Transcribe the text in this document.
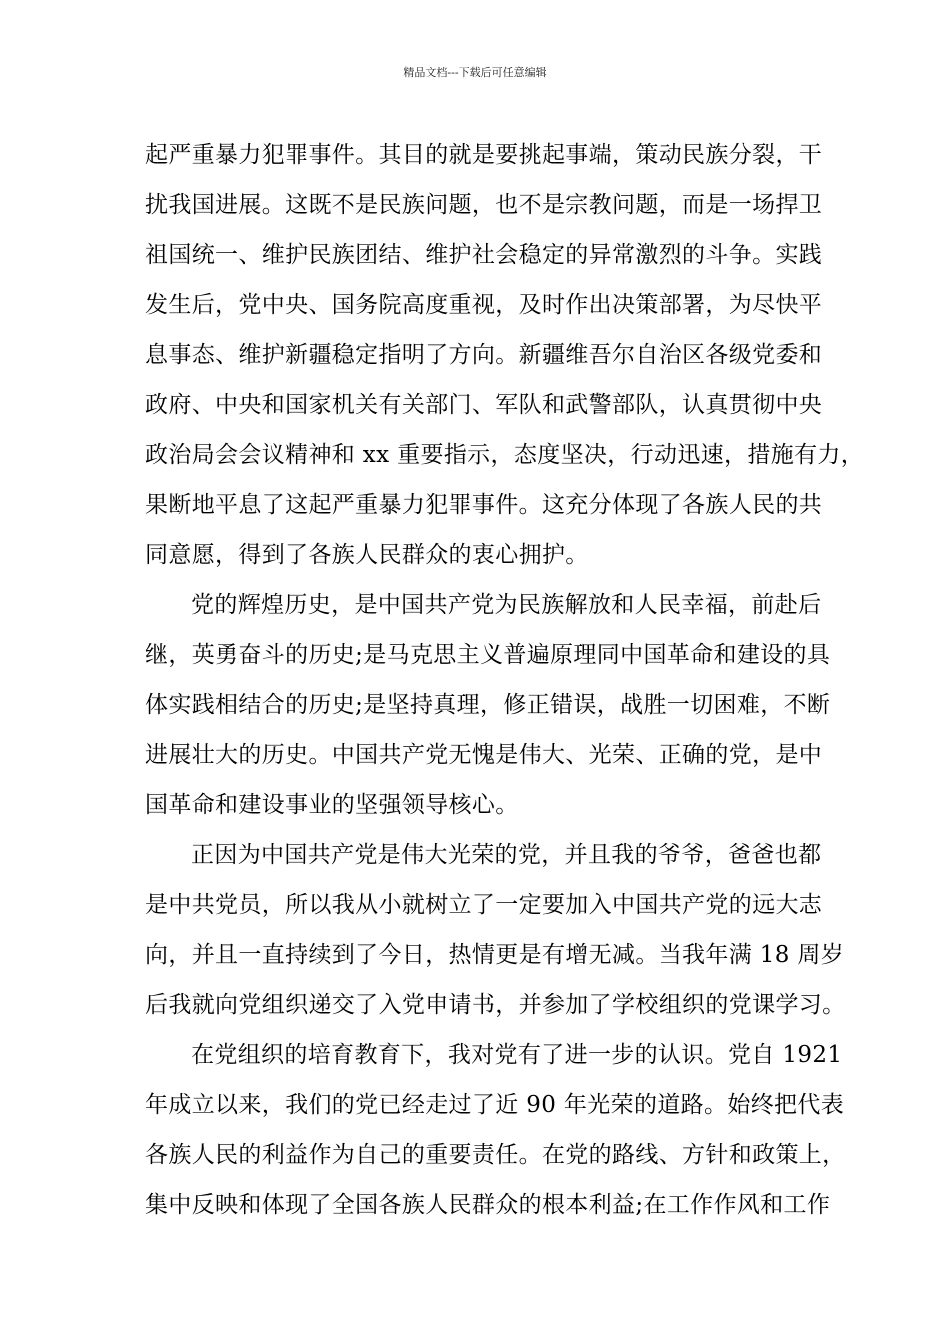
精品文档---下载后可任意编辑
起严重暴力犯罪事件。其目的就是要挑起事端，策动民族分裂，干
扰我国进展。这既不是民族问题，也不是宗教问题，而是一场捍卫
祖国统一、维护民族团结、维护社会稳定的异常激烈的斗争。实践
发生后，党中央、国务院高度重视，及时作出决策部署，为尽快平
息事态、维护新疆稳定指明了方向。新疆维吾尔自治区各级党委和
政府、中央和国家机关有关部门、军队和武警部队，认真贯彻中央
政治局会会议精神和 xx 重要指示，态度坚决，行动迅速，措施有力，
果断地平息了这起严重暴力犯罪事件。这充分体现了各族人民的共
同意愿，得到了各族人民群众的衷心拥护。
党的辉煌历史，是中国共产党为民族解放和人民幸福，前赴后
继，英勇奋斗的历史;是马克思主义普遍原理同中国革命和建设的具
体实践相结合的历史;是坚持真理，修正错误，战胜一切困难，不断
进展壮大的历史。中国共产党无愧是伟大、光荣、正确的党，是中
国革命和建设事业的坚强领导核心。
正因为中国共产党是伟大光荣的党，并且我的爷爷，爸爸也都
是中共党员，所以我从小就树立了一定要加入中国共产党的远大志
向，并且一直持续到了今日，热情更是有增无减。当我年满 18 周岁
后我就向党组织递交了入党申请书，并参加了学校组织的党课学习。
在党组织的培育教育下，我对党有了进一步的认识。党自 1921
年成立以来，我们的党已经走过了近 90 年光荣的道路。始终把代表
各族人民的利益作为自己的重要责任。在党的路线、方针和政策上，
集中反映和体现了全国各族人民群众的根本利益;在工作作风和工作
